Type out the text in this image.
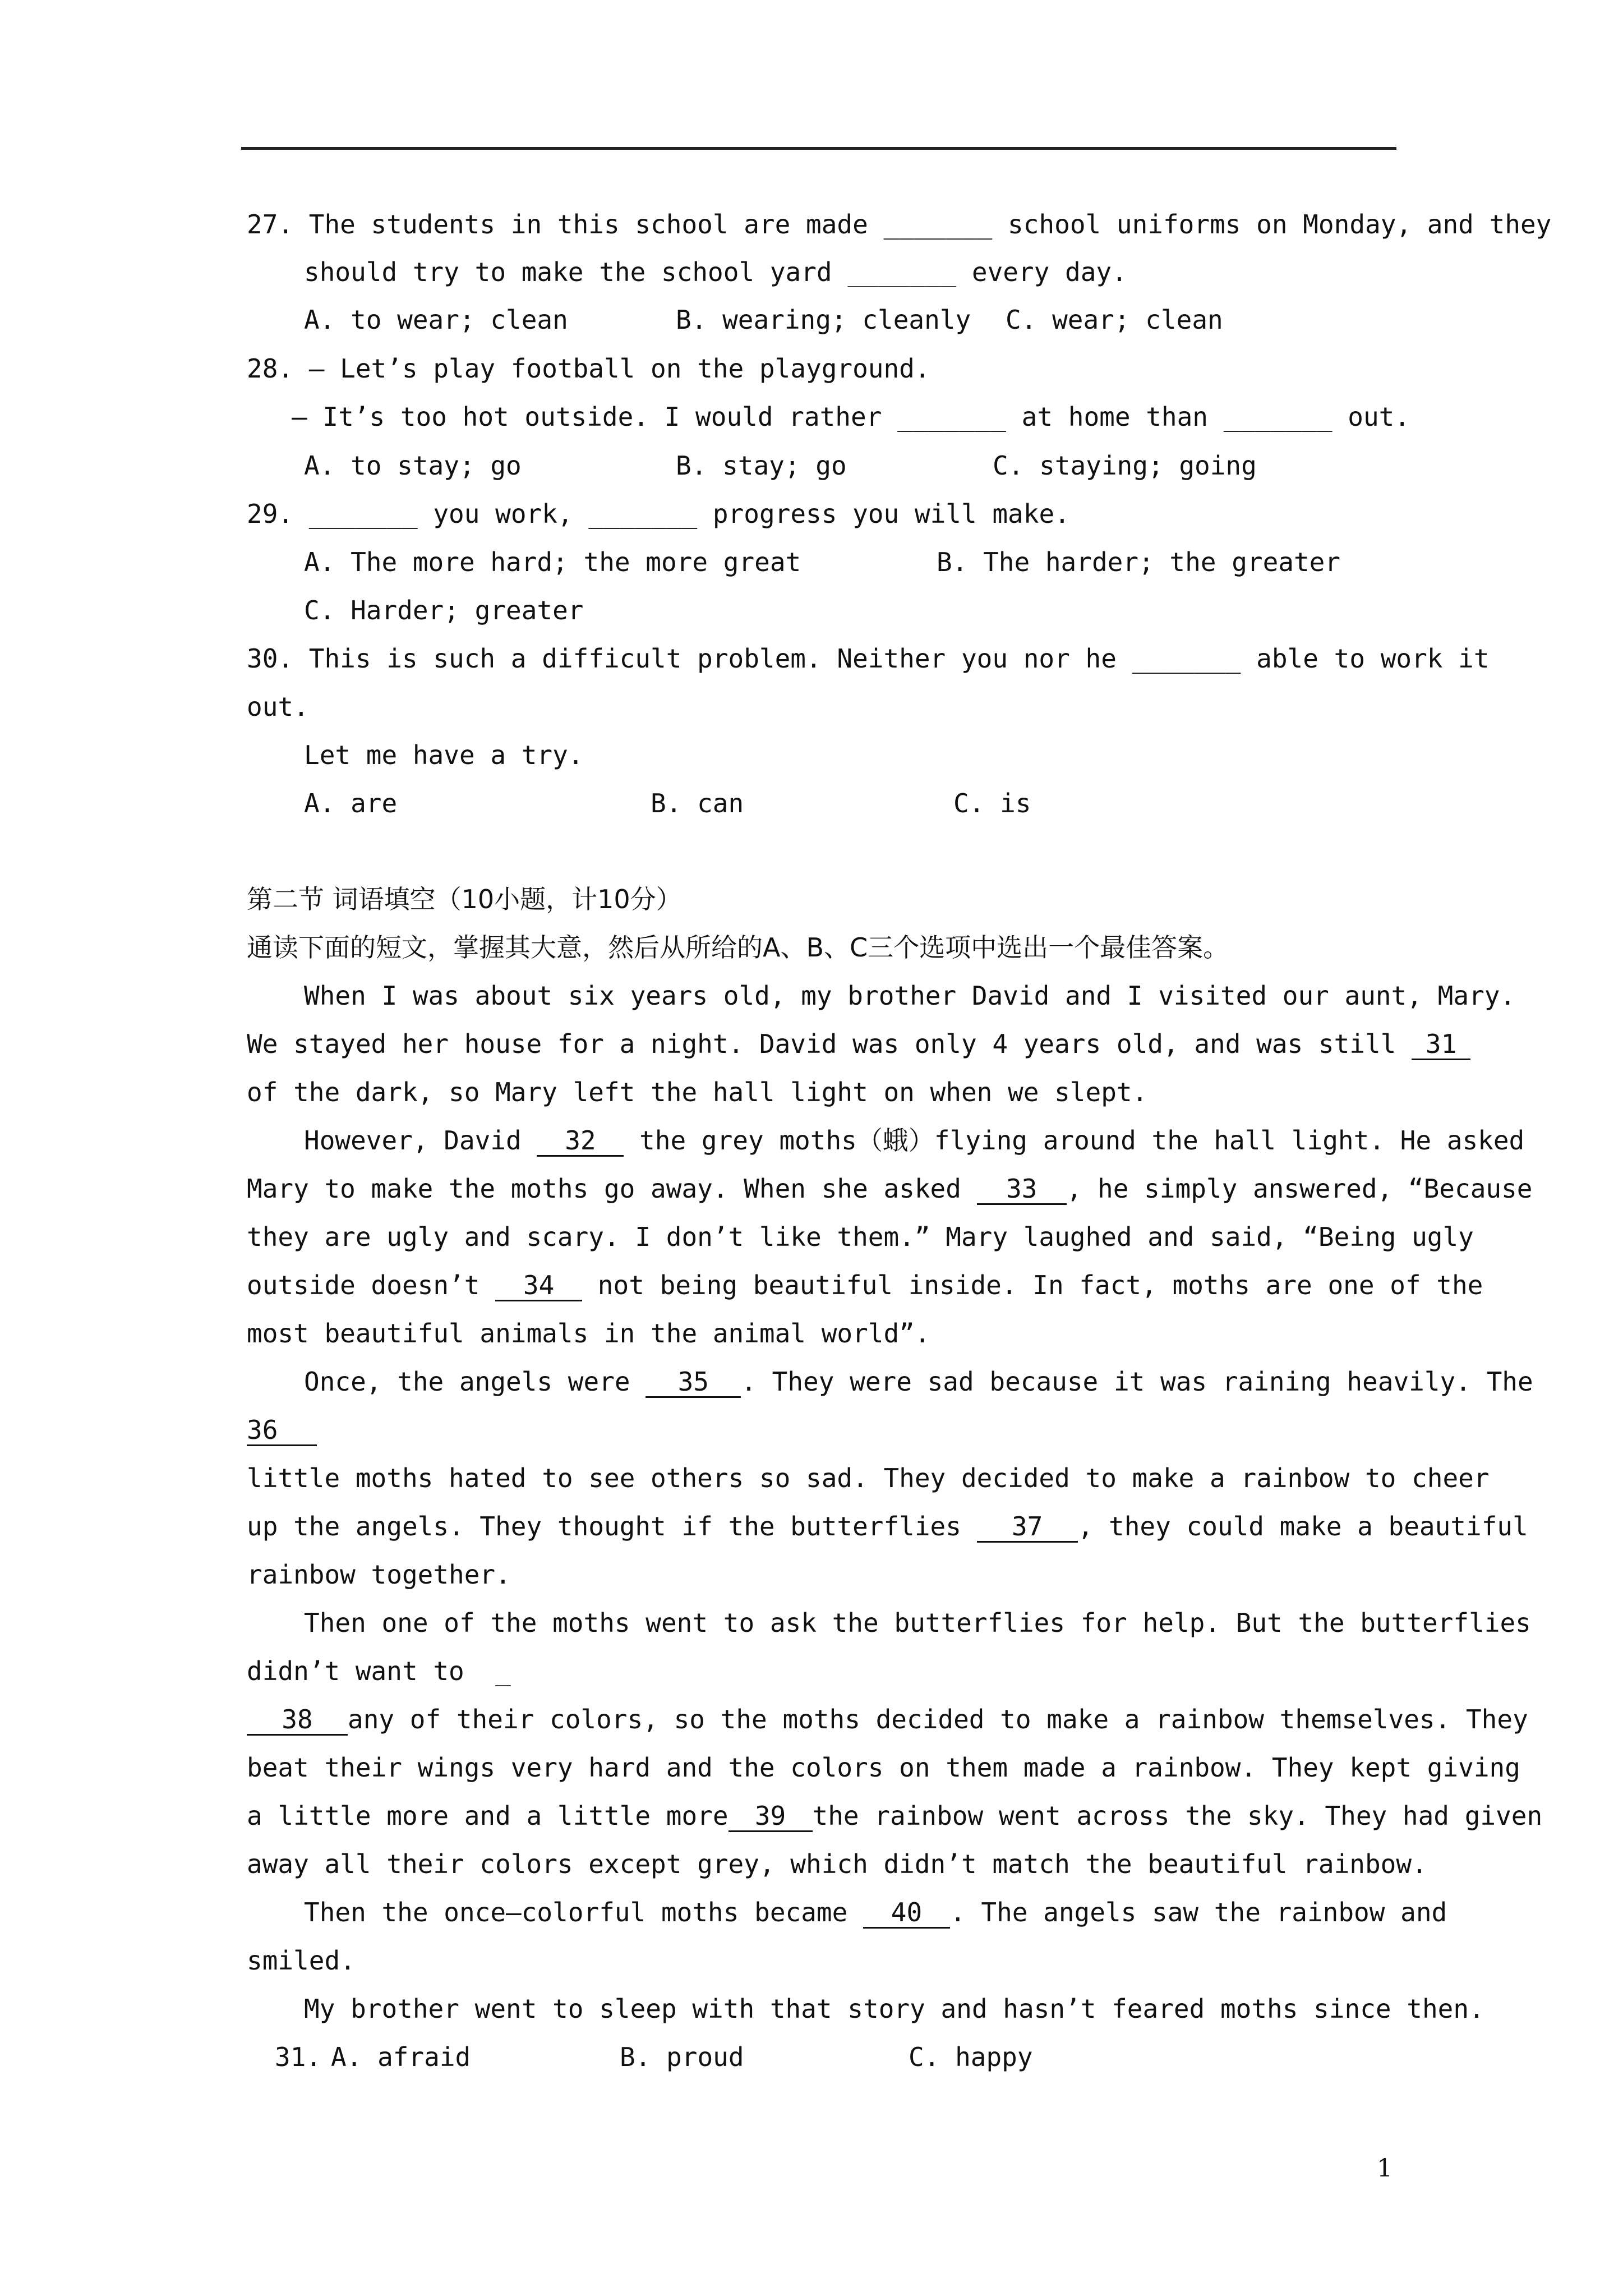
27. The students in this school are made _______ school uniforms on Monday, and they
should try to make the school yard _______ every day.
A. to wear; clean	B. wearing; cleanly C. wear; clean
28. — Let’s play football on the playground.
— It’s too hot outside. I would rather _______ at home than _______ out.
A. to stay; go	B. stay; go	C. staying; going
29. _______ you work, _______ progress you will make.
A. The more hard; the more great	B. The harder; the greater
C. Harder; greater
30. This is such a difficult problem. Neither you nor he _______ able to work it
out.
Let me have a try.
A. are	B. can	C. is
第二节 词语填空（10小题，计10分）
通读下面的短文，掌握其大意，然后从所给的A、B、C三个选项中选出一个最佳答案。
When I was about six years old, my brother David and I visited our aunt, Mary.
We stayed her house for a night. David was only 4 years old, and was still 31
of the dark, so Mary left the hall light on when we slept.
However, David 32 the grey moths（蛾）flying around the hall light. He asked
Mary to make the moths go away. When she asked 33 , he simply answered, “Because
they are ugly and scary. I don’t like them.” Mary laughed and said, “Being ugly
outside doesn’t 34 not being beautiful inside. In fact, moths are one of the
most beautiful animals in the animal world”.
Once, the angels were 35 . They were sad because it was raining heavily. The
36
little moths hated to see others so sad. They decided to make a rainbow to cheer
up the angels. They thought if the butterflies 37 , they could make a beautiful
rainbow together.
Then one of the moths went to ask the butterflies for help. But the butterflies
didn’t want to  _
38 any of their colors, so the moths decided to make a rainbow themselves. They
beat their wings very hard and the colors on them made a rainbow. They kept giving
a little more and a little more 39 the rainbow went across the sky. They had given
away all their colors except grey, which didn’t match the beautiful rainbow.
Then the once—colorful moths became 40 . The angels saw the rainbow and
smiled.
My brother went to sleep with that story and hasn’t feared moths since then.
31. A. afraid	B. proud	C. happy
1
